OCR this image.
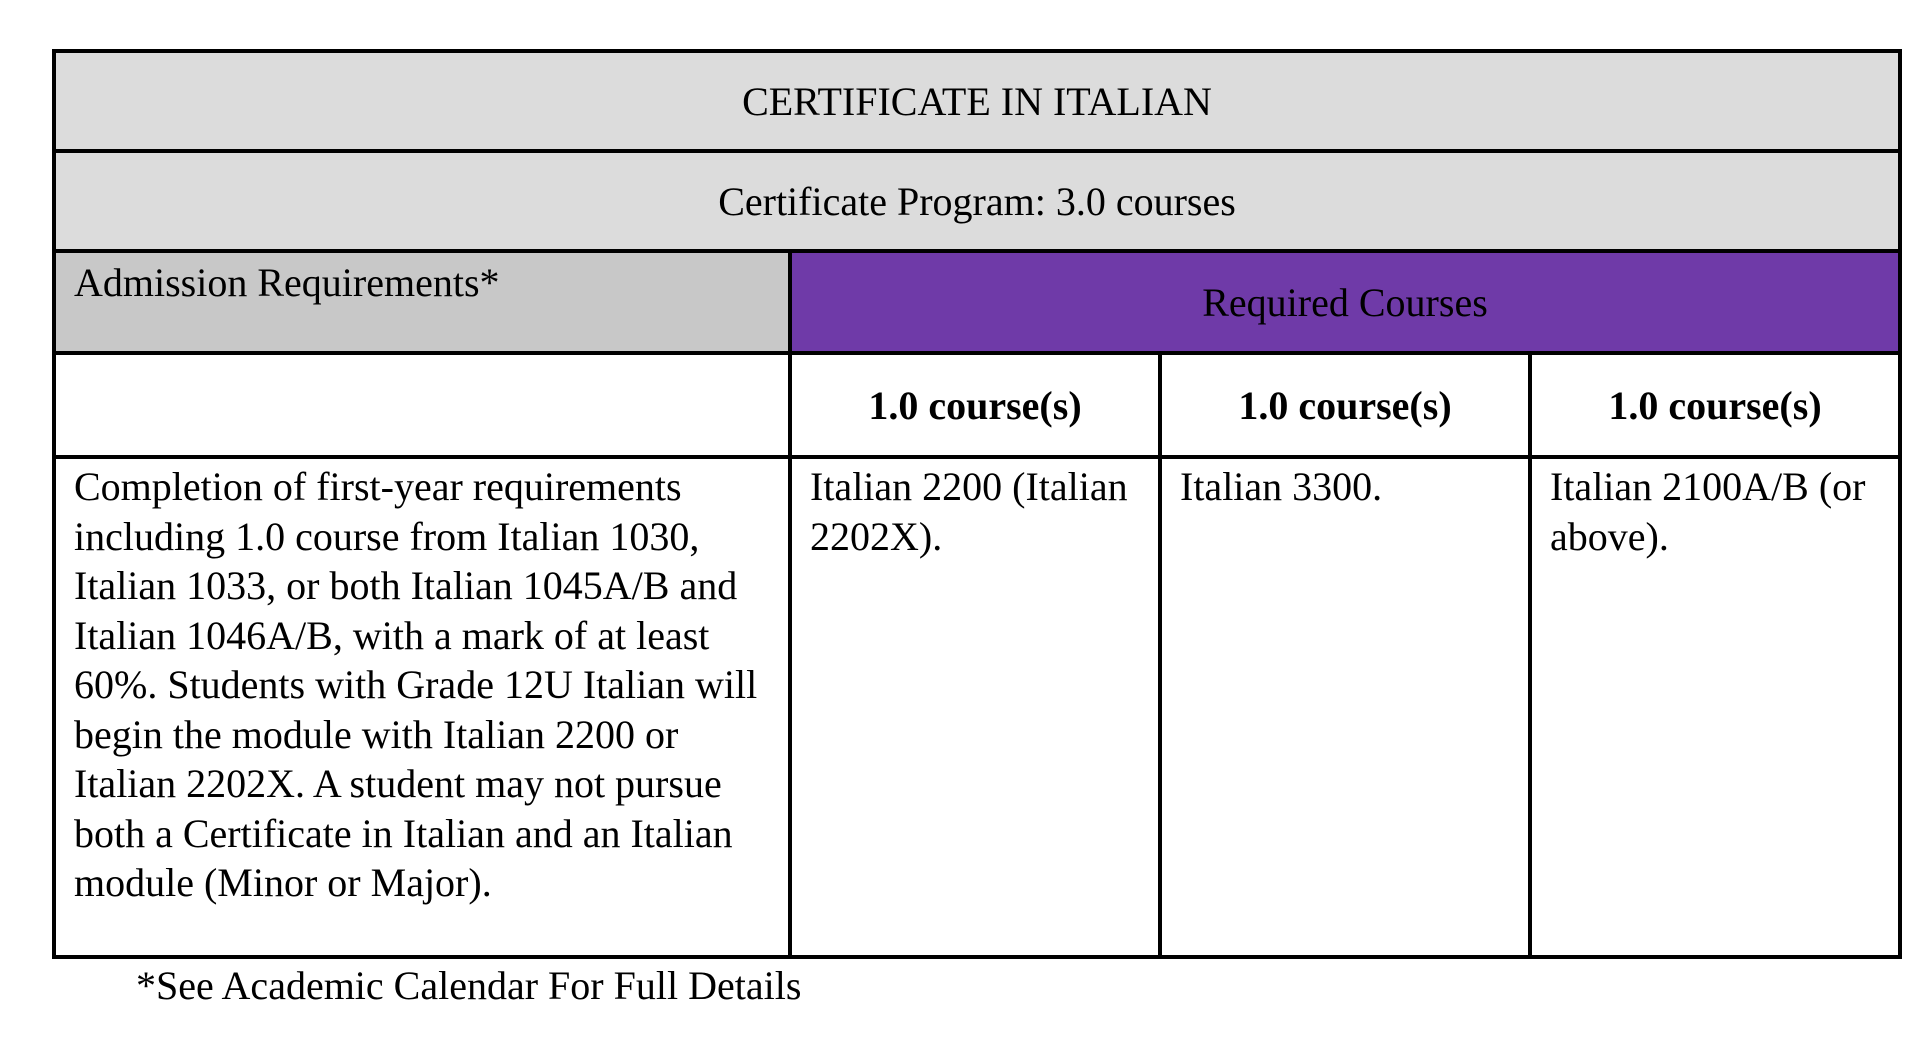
CERTIFICATE IN ITALIAN			
Certificate Program: 3.0 courses			
Admission Requirements*	Required Courses		
	1.0 course(s)	1.0 course(s)	1.0 course(s)
Completion of first-year requirements including 1.0 course from Italian 1030, Italian 1033, or both Italian 1045A/B and Italian 1046A/B, with a mark of at least 60%. Students with Grade 12U Italian will begin the module with Italian 2200 or Italian 2202X. A student may not pursue both a Certificate in Italian and an Italian module (Minor or Major).	Italian 2200 (Italian 2202X).	Italian 3300.	Italian 2100A/B (or above).
*See Academic Calendar For Full Details
